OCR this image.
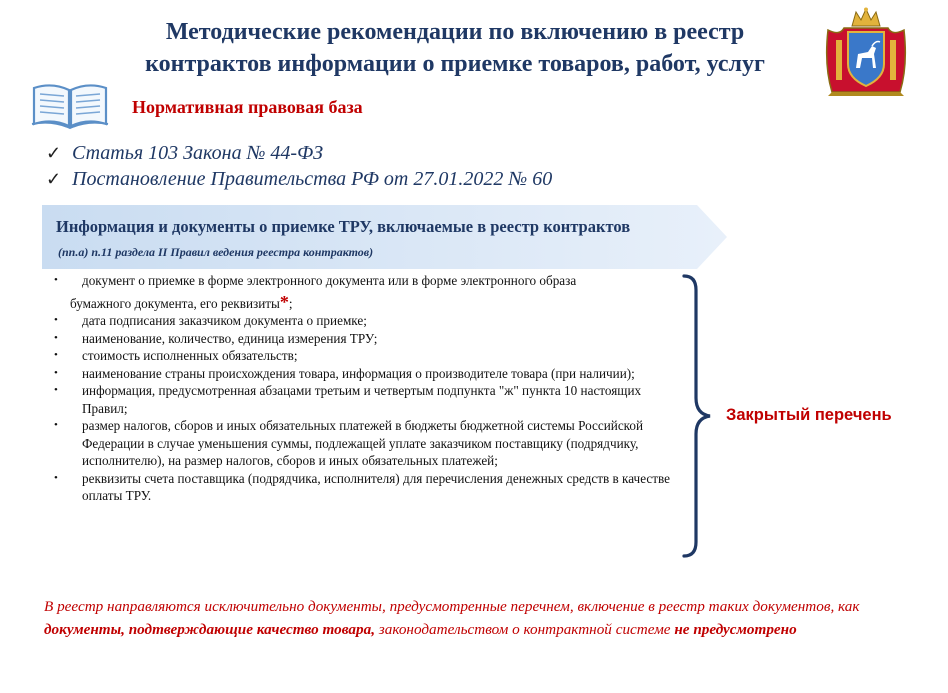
Методические рекомендации по включению в реестр
контрактов информации о приемке товаров, работ, услуг
Нормативная правовая база
✓ Статья 103 Закона № 44-ФЗ
✓ Постановление Правительства РФ от 27.01.2022 № 60
Информация и документы о приемке ТРУ, включаемые в реестр контрактов
(пп.а) п.11 раздела II Правил ведения реестра контрактов)
• документ о приемке в форме электронного документа или в форме электронного образа
бумажного документа, его реквизиты*;
• дата подписания заказчиком документа о приемке;
• наименование, количество, единица измерения ТРУ;
• стоимость исполненных обязательств;
• наименование страны происхождения товара, информация о производителе товара (при наличии);
• информация, предусмотренная абзацами третьим и четвертым подпункта "ж" пункта 10 настоящих Правил;
• размер налогов, сборов и иных обязательных платежей в бюджеты бюджетной системы Российской Федерации в случае уменьшения суммы, подлежащей уплате заказчиком поставщику (подрядчику, исполнителю), на размер налогов, сборов и иных обязательных платежей;
• реквизиты счета поставщика (подрядчика, исполнителя) для перечисления денежных средств в качестве оплаты ТРУ.
Закрытый перечень
В реестр направляются исключительно документы, предусмотренные перечнем, включение в реестр таких документов, как документы, подтверждающие качество товара, законодательством о контрактной системе не предусмотрено
